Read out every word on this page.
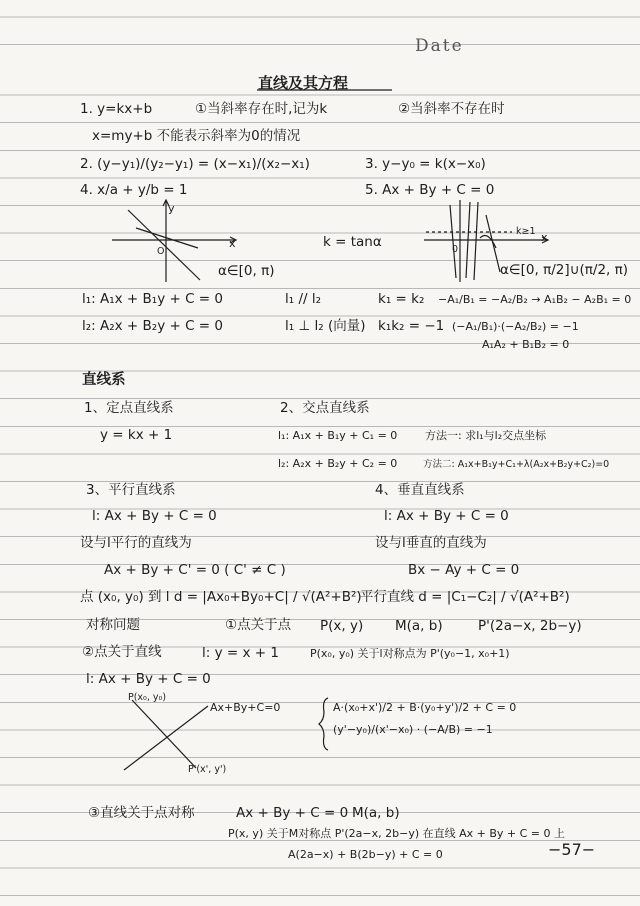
Date
直线及其方程
1. y=kx+b	①当斜率存在时,记为k	②当斜率不存在时
x=my+b 不能表示斜率为0的情况
2. (y−y₁)/(y₂−y₁) = (x−x₁)/(x₂−x₁)	3. y−y₀ = k(x−x₀)
4. x/a + y/b = 1	5. Ax + By + C = 0
y
x
O
k = tanα
α∈[0, π)
k≥1 x
0
α∈[0, π/2]∪(π/2, π)
l₁: A₁x + B₁y + C = 0
l₂: A₂x + B₂y + C = 0
l₁ // l₂
l₁ ⊥ l₂ (向量)
k₁ = k₂
k₁k₂ = −1
−A₁/B₁ = −A₂/B₂ → A₁B₂ − A₂B₁ = 0
(−A₁/B₁)·(−A₂/B₂) = −1
A₁A₂ + B₁B₂ = 0
直线系
1、定点直线系
y = kx + 1
2、交点直线系
l₁: A₁x + B₁y + C₁ = 0
l₂: A₂x + B₂y + C₂ = 0
方法一: 求l₁与l₂交点坐标
方法二: A₁x+B₁y+C₁+λ(A₂x+B₂y+C₂)=0
3、平行直线系
l: Ax + By + C = 0
设与l平行的直线为
Ax + By + C' = 0 ( C' ≠ C )
4、垂直直线系
l: Ax + By + C = 0
设与l垂直的直线为
Bx − Ay + C = 0
点 (x₀, y₀) 到 l d = |Ax₀+By₀+C| / √(A²+B²)
平行直线 d = |C₁−C₂| / √(A²+B²)
对称问题	①点关于点 P(x, y) M(a, b)	P'(2a−x, 2b−y)
②点关于直线	l: y = x + 1	P(x₀, y₀) 关于l对称点为 P'(y₀−1, x₀+1)
l: Ax + By + C = 0
P(x₀, y₀)
Ax+By+C=0
P'(x', y')
A·(x₀+x')/2 + B·(y₀+y')/2 + C = 0
(y'−y₀)/(x'−x₀) · (−A/B) = −1
③直线关于点对称	Ax + By + C = 0 M(a, b)
P(x, y) 关于M对称点 P'(2a−x, 2b−y) 在直线 Ax + By + C = 0 上
A(2a−x) + B(2b−y) + C = 0	−57−
